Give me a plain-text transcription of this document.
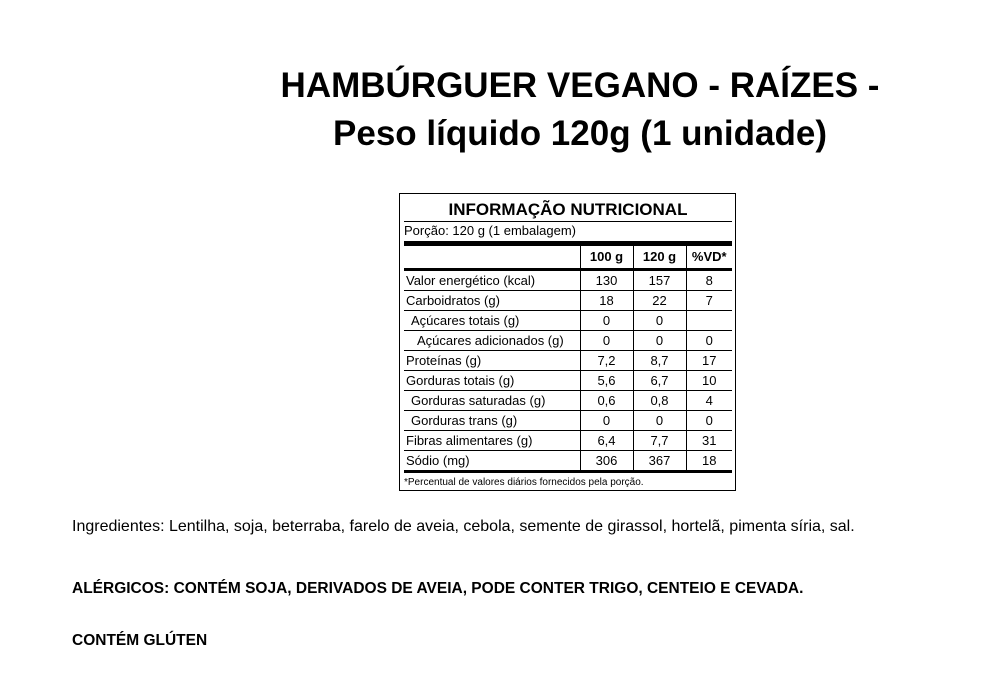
HAMBÚRGUER VEGANO - RAÍZES -
Peso líquido 120g (1 unidade)
INFORMAÇÃO NUTRICIONAL
Porção: 120 g (1 embalagem)
	100 g	120 g	%VD*
Valor energético (kcal)	130	157	8
Carboidratos (g)	18	22	7
Açúcares totais (g)	0	0	
Açúcares adicionados (g)	0	0	0
Proteínas (g)	7,2	8,7	17
Gorduras totais (g)	5,6	6,7	10
Gorduras saturadas (g)	0,6	0,8	4
Gorduras trans (g)	0	0	0
Fibras alimentares (g)	6,4	7,7	31
Sódio (mg)	306	367	18
*Percentual de valores diários fornecidos pela porção.

Ingredientes: Lentilha, soja, beterraba, farelo de aveia, cebola, semente de girassol, hortelã, pimenta síria, sal.

ALÉRGICOS: CONTÉM SOJA, DERIVADOS DE AVEIA, PODE CONTER TRIGO, CENTEIO E CEVADA.

CONTÉM GLÚTEN
